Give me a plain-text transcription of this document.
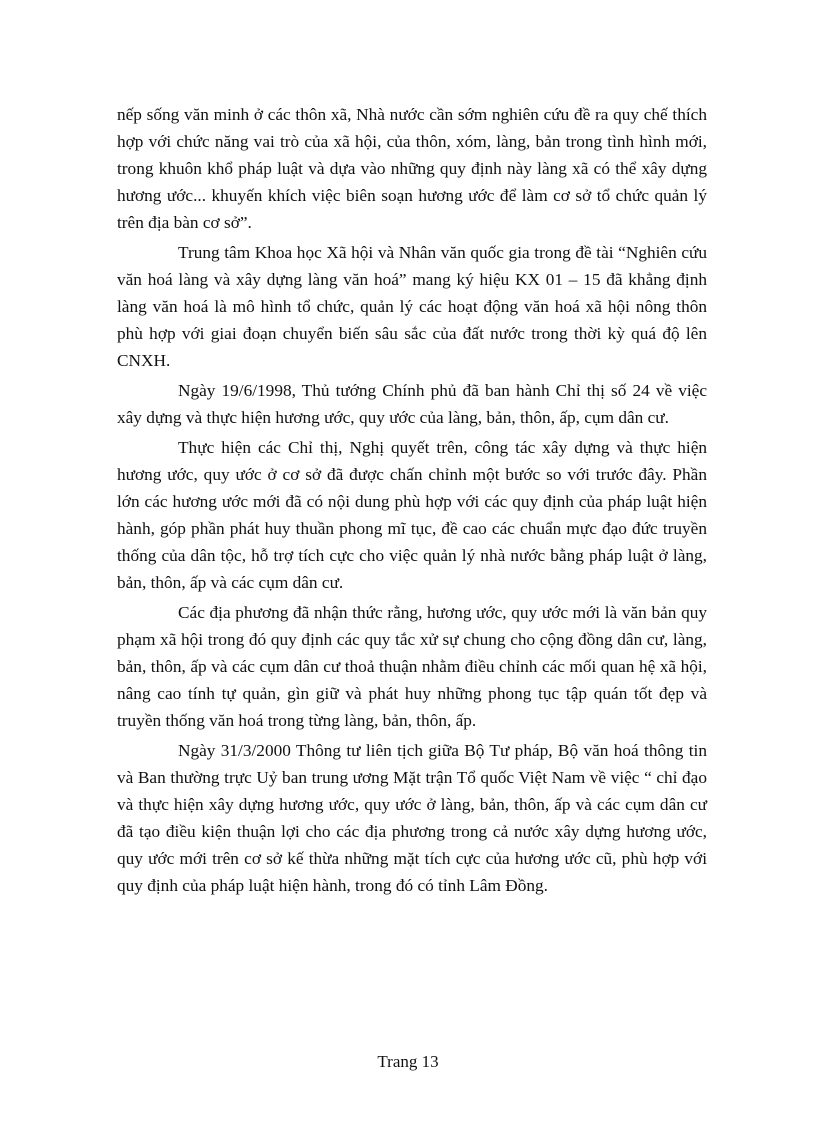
nếp sống văn minh ở các thôn xã, Nhà nước cần sớm nghiên cứu đề ra quy chế thích hợp với chức năng vai trò của xã hội, của thôn, xóm, làng, bản trong tình hình mới, trong khuôn khổ pháp luật và dựa vào những quy định này làng xã có thể xây dựng hương ước... khuyến khích việc biên soạn hương ước để làm cơ sở tổ chức quản lý trên địa bàn cơ sở”.

Trung tâm Khoa học Xã hội và Nhân văn quốc gia trong đề tài “Nghiên cứu văn hoá làng và xây dựng làng văn hoá” mang ký hiệu KX 01 – 15 đã khẳng định làng văn hoá là mô hình tổ chức, quản lý các hoạt động văn hoá xã hội nông thôn phù hợp với giai đoạn chuyển biến sâu sắc của đất nước trong thời kỳ quá độ lên CNXH.

Ngày 19/6/1998, Thủ tướng Chính phủ đã ban hành Chỉ thị số 24 về việc xây dựng và thực hiện hương ước, quy ước của làng, bản, thôn, ấp, cụm dân cư.

Thực hiện các Chỉ thị, Nghị quyết trên, công tác xây dựng và thực hiện hương ước, quy ước ở cơ sở đã được chấn chỉnh một bước so với trước đây. Phần lớn các hương ước mới đã có nội dung phù hợp với các quy định của pháp luật hiện hành, góp phần phát huy thuần phong mĩ tục, đề cao các chuẩn mực đạo đức truyền thống của dân tộc, hỗ trợ tích cực cho việc quản lý nhà nước bằng pháp luật ở làng, bản, thôn, ấp và các cụm dân cư.

Các địa phương đã nhận thức rằng, hương ước, quy ước mới là văn bản quy phạm xã hội trong đó quy định các quy tắc xử sự chung cho cộng đồng dân cư, làng, bản, thôn, ấp và các cụm dân cư thoả thuận nhằm điều chỉnh các mối quan hệ xã hội, nâng cao tính tự quản, gìn giữ và phát huy những phong tục tập quán tốt đẹp và truyền thống văn hoá trong từng làng, bản, thôn, ấp.

Ngày 31/3/2000 Thông tư liên tịch giữa Bộ Tư pháp, Bộ văn hoá thông tin và Ban thường trực Uỷ ban trung ương Mặt trận Tổ quốc Việt Nam về việc “ chỉ đạo và thực hiện xây dựng hương ước, quy ước ở làng, bản, thôn, ấp và các cụm dân cư đã tạo điều kiện thuận lợi cho các địa phương trong cả nước xây dựng hương ước, quy ước mới trên cơ sở kế thừa những mặt tích cực của hương ước cũ, phù hợp với quy định của pháp luật hiện hành, trong đó có tỉnh Lâm Đồng.

Trang 13
